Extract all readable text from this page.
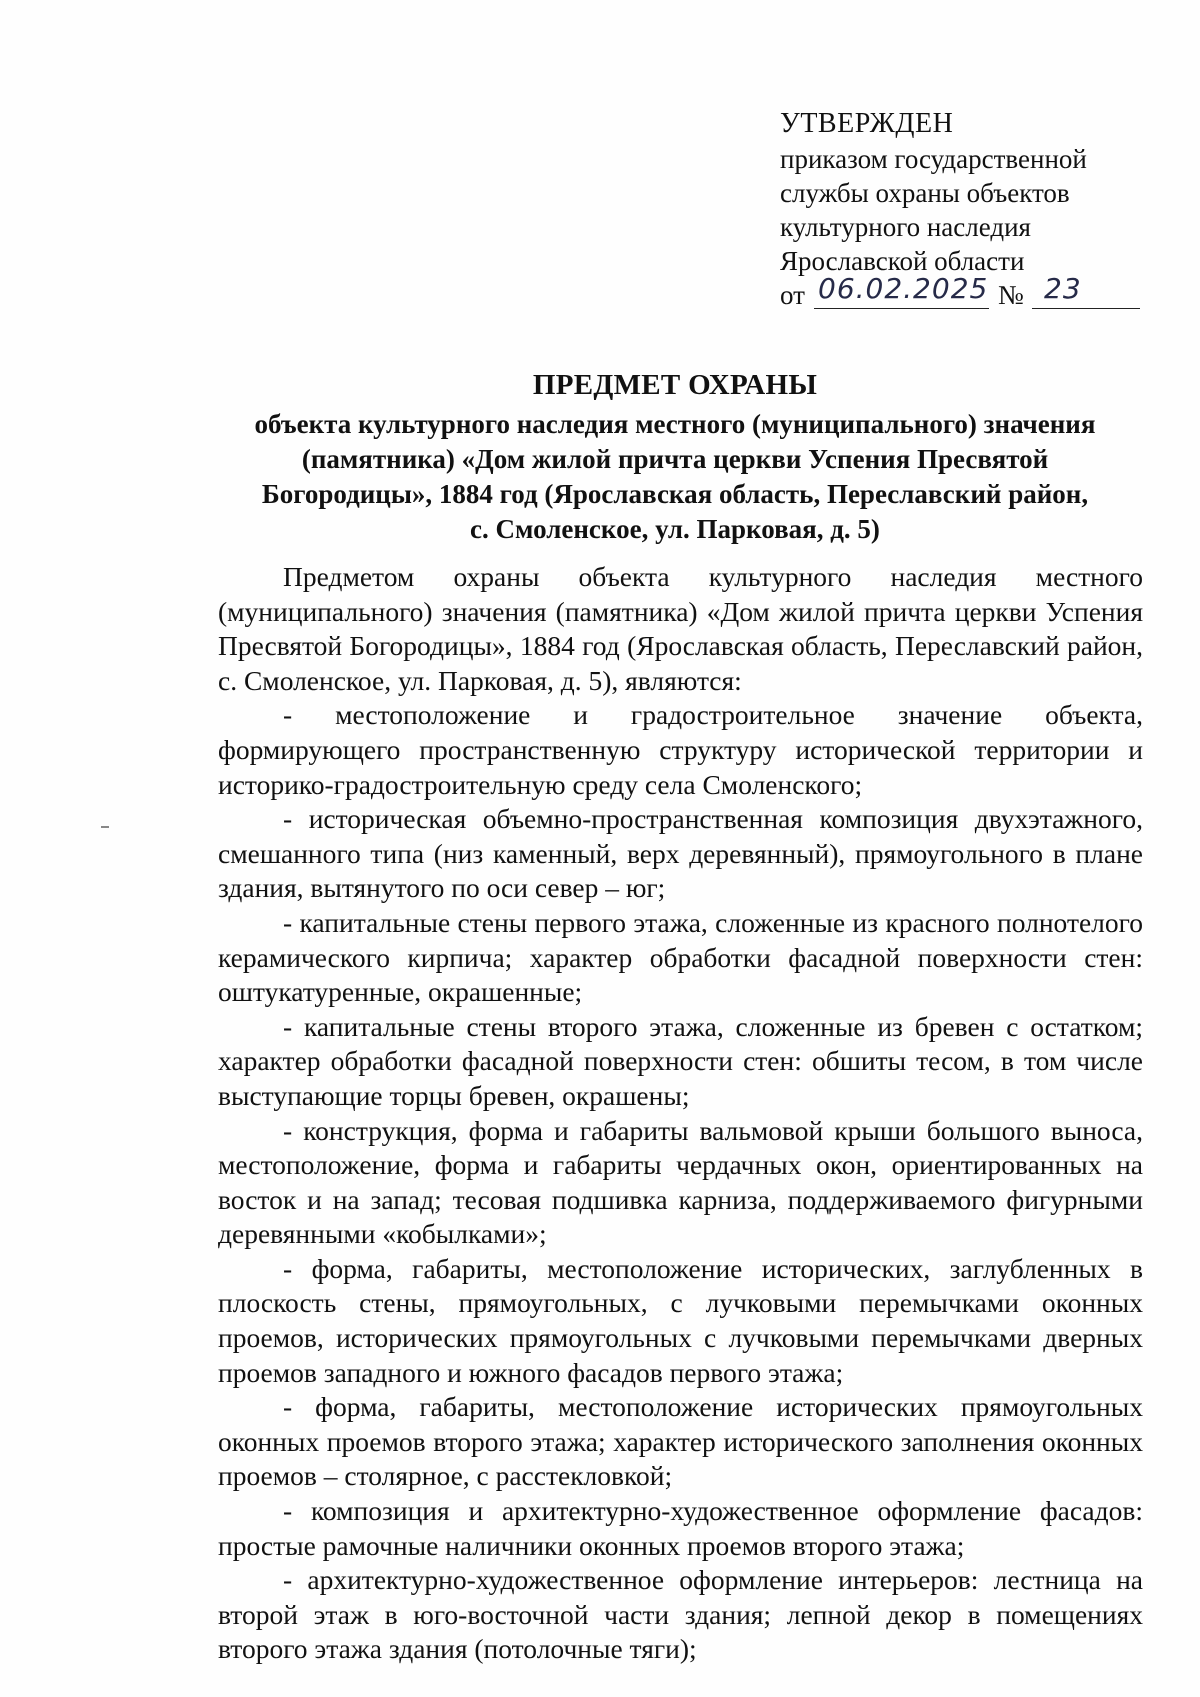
УТВЕРЖДЕН
приказом государственной
службы охраны объектов
культурного наследия
Ярославской области
от 06.02.2025 № 23
ПРЕДМЕТ ОХРАНЫ
объекта культурного наследия местного (муниципального) значения
(памятника) «Дом жилой причта церкви Успения Пресвятой
Богородицы», 1884 год (Ярославская область, Переславский район,
с. Смоленское, ул. Парковая, д. 5)

Предметом охраны объекта культурного наследия местного (муниципального) значения (памятника) «Дом жилой причта церкви Успения Пресвятой Богородицы», 1884 год (Ярославская область, Переславский район, с. Смоленское, ул. Парковая, д. 5), являются:

- местоположение и градостроительное значение объекта, формирующего пространственную структуру исторической территории и историко-градостроительную среду села Смоленского;

- историческая объемно-пространственная композиция двухэтажного, смешанного типа (низ каменный, верх деревянный), прямоугольного в плане здания, вытянутого по оси север – юг;

- капитальные стены первого этажа, сложенные из красного полнотелого керамического кирпича; характер обработки фасадной поверхности стен: оштукатуренные, окрашенные;

- капитальные стены второго этажа, сложенные из бревен с остатком; характер обработки фасадной поверхности стен: обшиты тесом, в том числе выступающие торцы бревен, окрашены;

- конструкция, форма и габариты вальмовой крыши большого выноса, местоположение, форма и габариты чердачных окон, ориентированных на восток и на запад; тесовая подшивка карниза, поддерживаемого фигурными деревянными «кобылками»;

- форма, габариты, местоположение исторических, заглубленных в плоскость стены, прямоугольных, с лучковыми перемычками оконных проемов, исторических прямоугольных с лучковыми перемычками дверных проемов западного и южного фасадов первого этажа;

- форма, габариты, местоположение исторических прямоугольных оконных проемов второго этажа; характер исторического заполнения оконных проемов – столярное, с расстекловкой;

- композиция и архитектурно-художественное оформление фасадов: простые рамочные наличники оконных проемов второго этажа;

- архитектурно-художественное оформление интерьеров: лестница на второй этаж в юго-восточной части здания; лепной декор в помещениях второго этажа здания (потолочные тяги);
